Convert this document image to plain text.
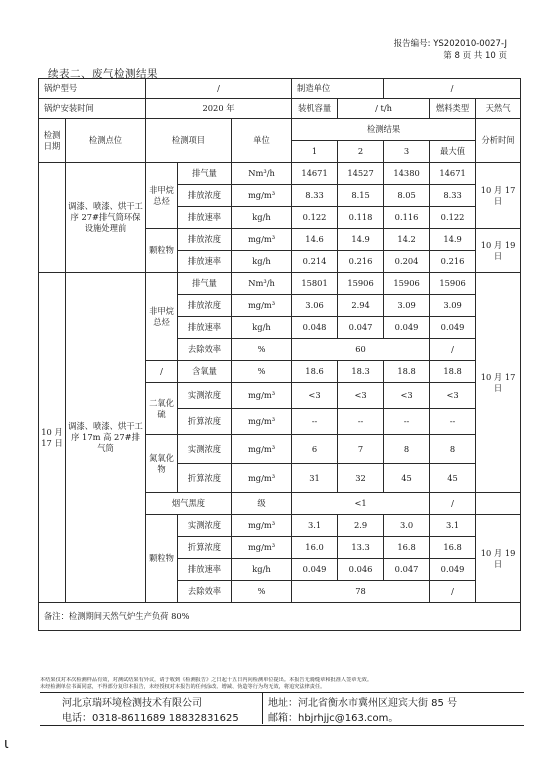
报告编号: YS202010-0027-J
第 8 页 共 10 页
续表二、废气检测结果
锅炉型号		/			制造单位		/		
锅炉安装时间		2020 年			装机容量	/ t/h		燃料类型	天然气
检测日期	检测点位	检测项目		单位	检测结果				分析时间
					1	2	3	最大值	
	调漆、喷漆、烘干工序 27#排气筒环保设施处理前	非甲烷总烃	排气量	Nm³/h	14671	14527	14380	14671	10 月 17 日
			排放浓度	mg/m³	8.33	8.15	8.05	8.33	
			排放速率	kg/h	0.122	0.118	0.116	0.122	
		颗粒物	排放浓度	mg/m³	14.6	14.9	14.2	14.9	10 月 19 日
			排放速率	kg/h	0.214	0.216	0.204	0.216	
10 月 17 日	调漆、喷漆、烘干工序 17m 高 27#排气筒	非甲烷总烃	排气量	Nm³/h	15801	15906	15906	15906	10 月 17 日
			排放浓度	mg/m³	3.06	2.94	3.09	3.09	
			排放速率	kg/h	0.048	0.047	0.049	0.049	
			去除效率	%	60			/	
		/	含氧量	%	18.6	18.3	18.8	18.8	
		二氧化硫	实测浓度	mg/m³	<3	<3	<3	<3	
			折算浓度	mg/m³	--	--	--	--	
		氮氧化物	实测浓度	mg/m³	6	7	8	8	
			折算浓度	mg/m³	31	32	45	45	
		烟气黑度		级	<1			/	
		颗粒物	实测浓度	mg/m³	3.1	2.9	3.0	3.1	10 月 19 日
			折算浓度	mg/m³	16.0	13.3	16.8	16.8	
			排放速率	kg/h	0.049	0.046	0.047	0.049	
			去除效率	%	78			/	
备注：检测期间天然气炉生产负荷 80%									
本结果仅对本次检测样品有效，对测试结果有异议，请于收到《检测报告》之日起十五日内向检测单位提出。本报告无骑缝章和批准人签章无效。
未经检测单位书面同意，不得部分复印本报告，未经授权对本报告的任何涂改、增减、伪造等行为均无效，将追究法律责任。
河北京瑞环境检测技术有限公司
电话：0318-8611689 18832831625
地址：河北省衡水市冀州区迎宾大街 85 号
邮箱：hbjrhjjc@163.com。
ι
